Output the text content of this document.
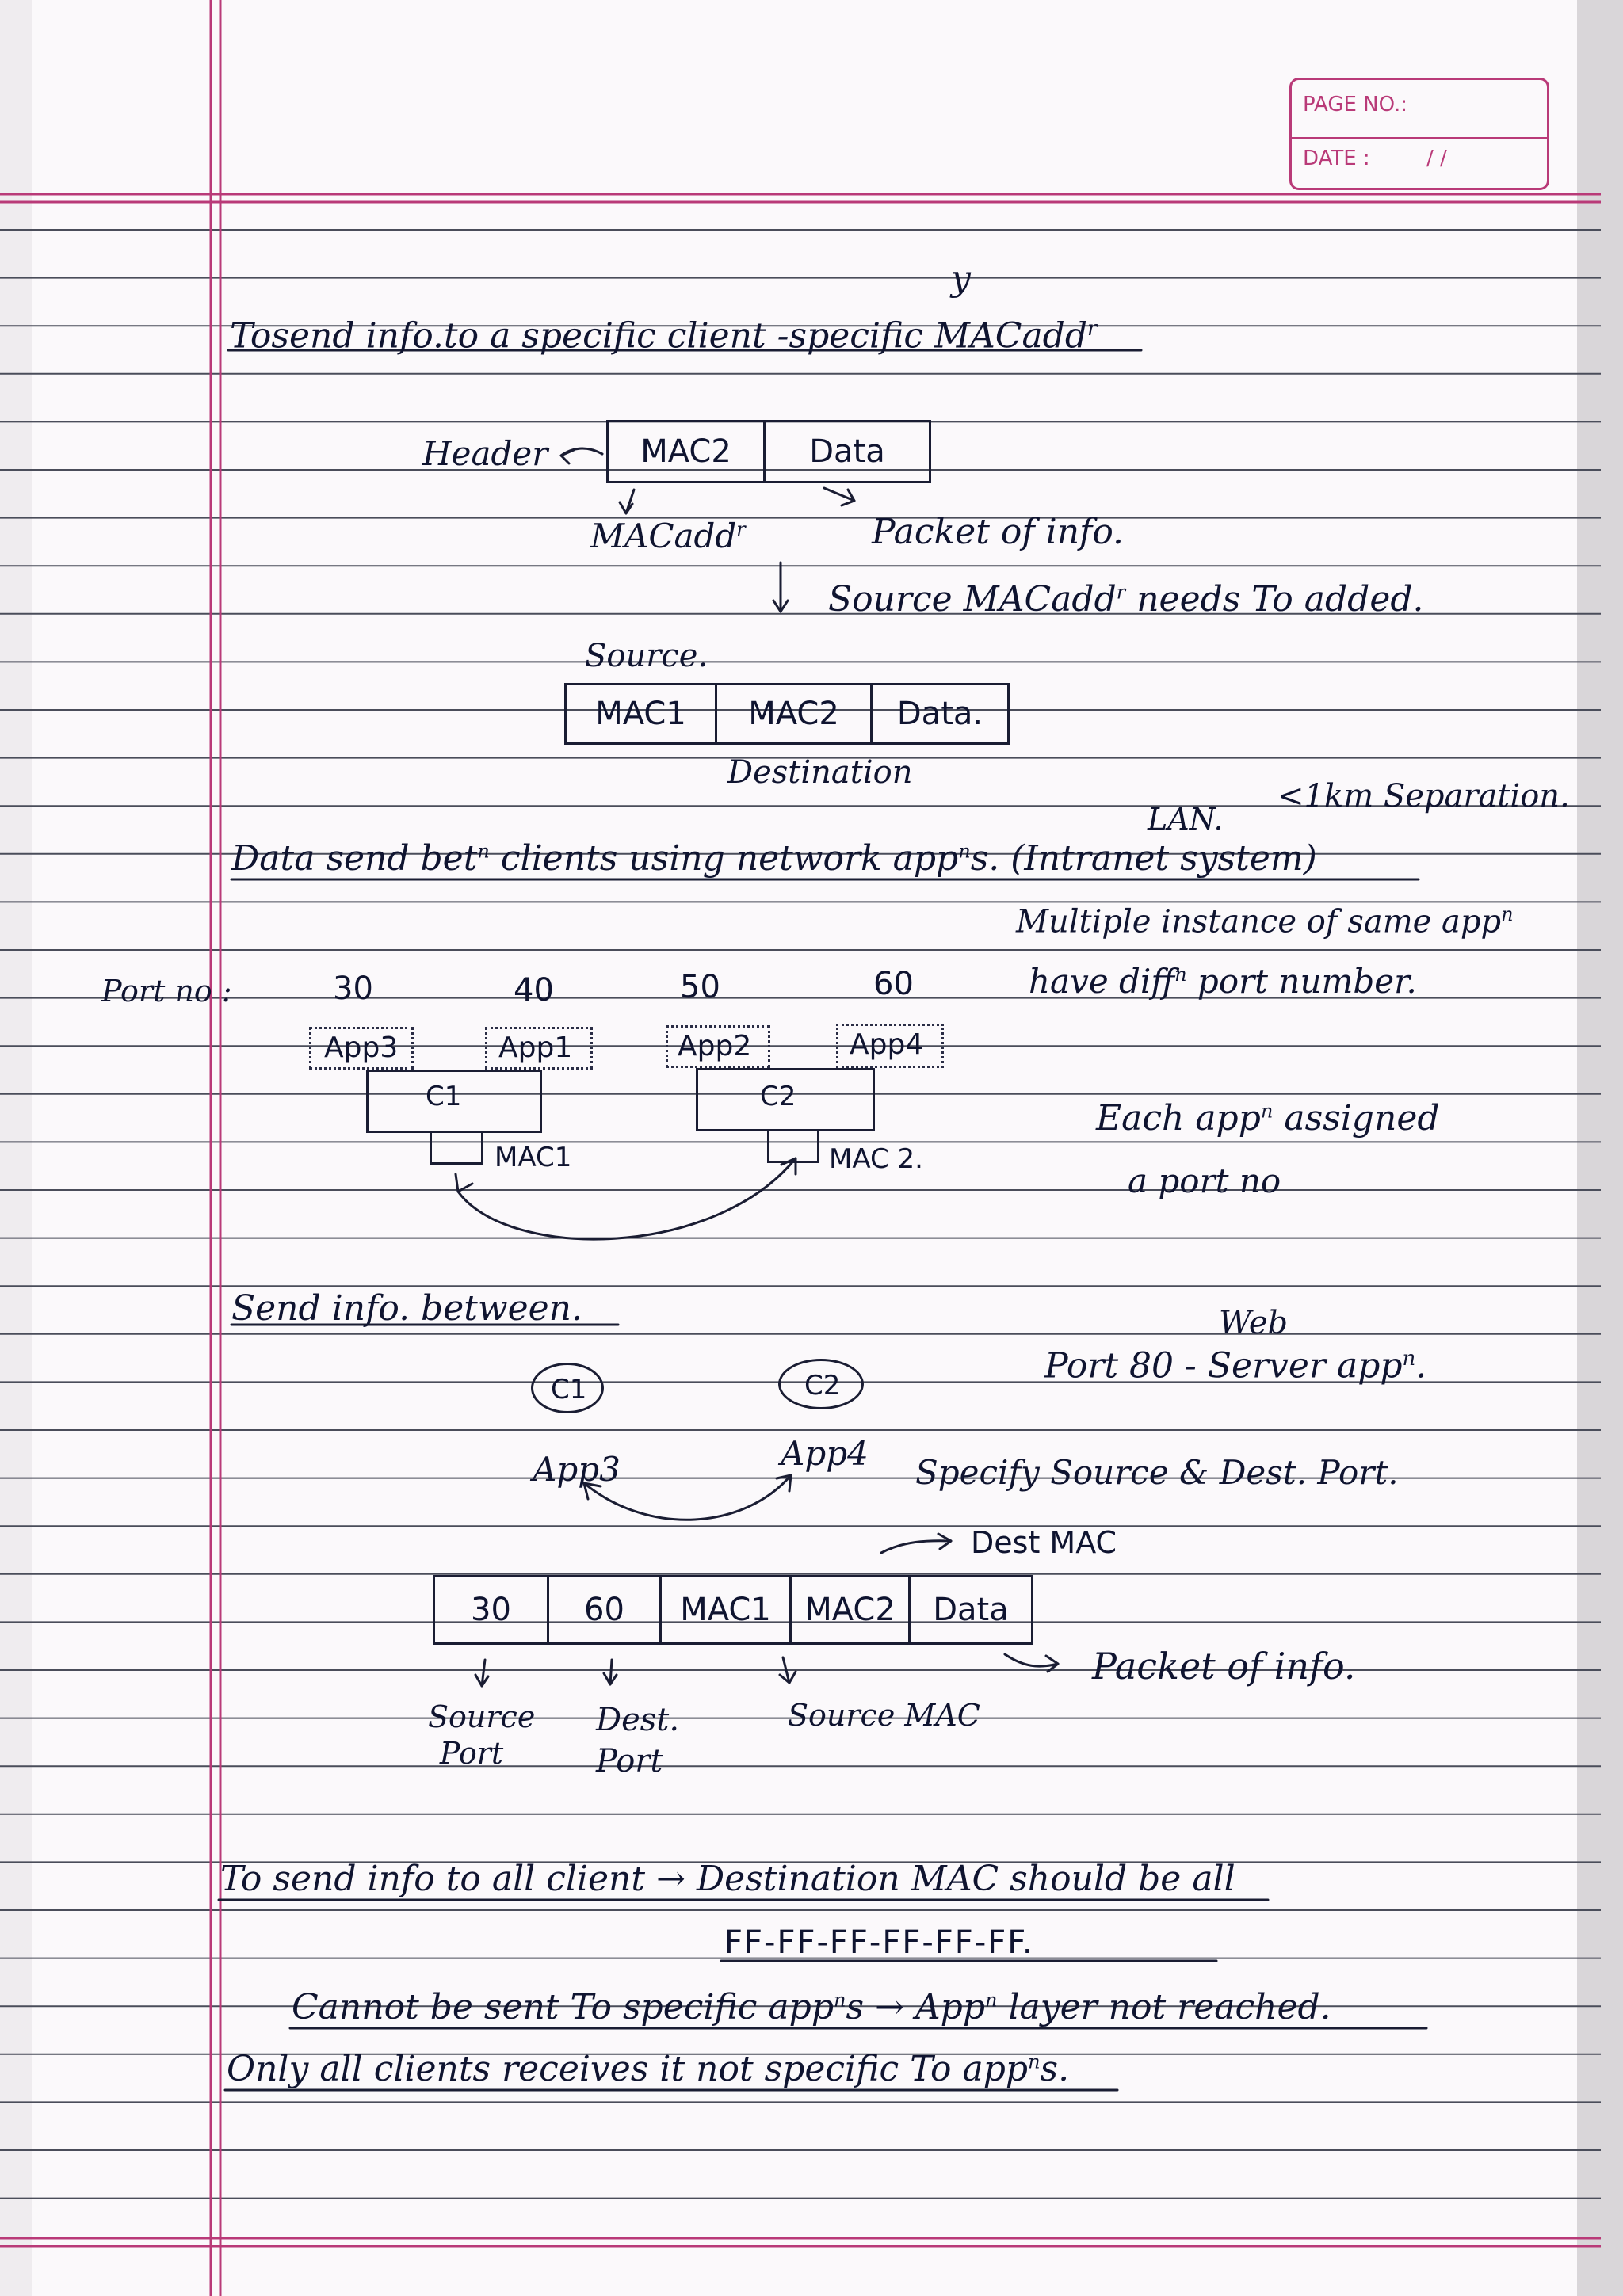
PAGE NO.:
DATE :	/ /
y
Tosend info.to a specific client -specific MACadd$^r$
Header	MAC2	Data
MACadd$^r$	Packet of info.
Source MACadd$^r$ needs To added.
Source.
MAC1	MAC2	Data.
Destination
LAN.
<1km Separation.
Data send bet$^n$ clients using network app$^n$s. (Intranet system)
Multiple instance of same app$^n$
have diff$^n$ port number.
Port no :	30	40	50	60
App3	App1	App2	App4
C1	C2
MAC1	MAC 2.
Each app$^n$ assigned
a port no
Send info. between.	Web
Port 80 - Server app$^n$.
C1	C2
App3	App4 Specify Source & Dest. Port.
Dest MAC
30	60	MAC1	MAC2	Data
Packet of info.
Source Port
Dest. Port
Source MAC
To send info to all client → Destination MAC should be all
FF-FF-FF-FF-FF-FF.
Cannot be sent To specific app$^n$s → App$^n$ layer not reached.
Only all clients receives it not specific To app$^n$s.
